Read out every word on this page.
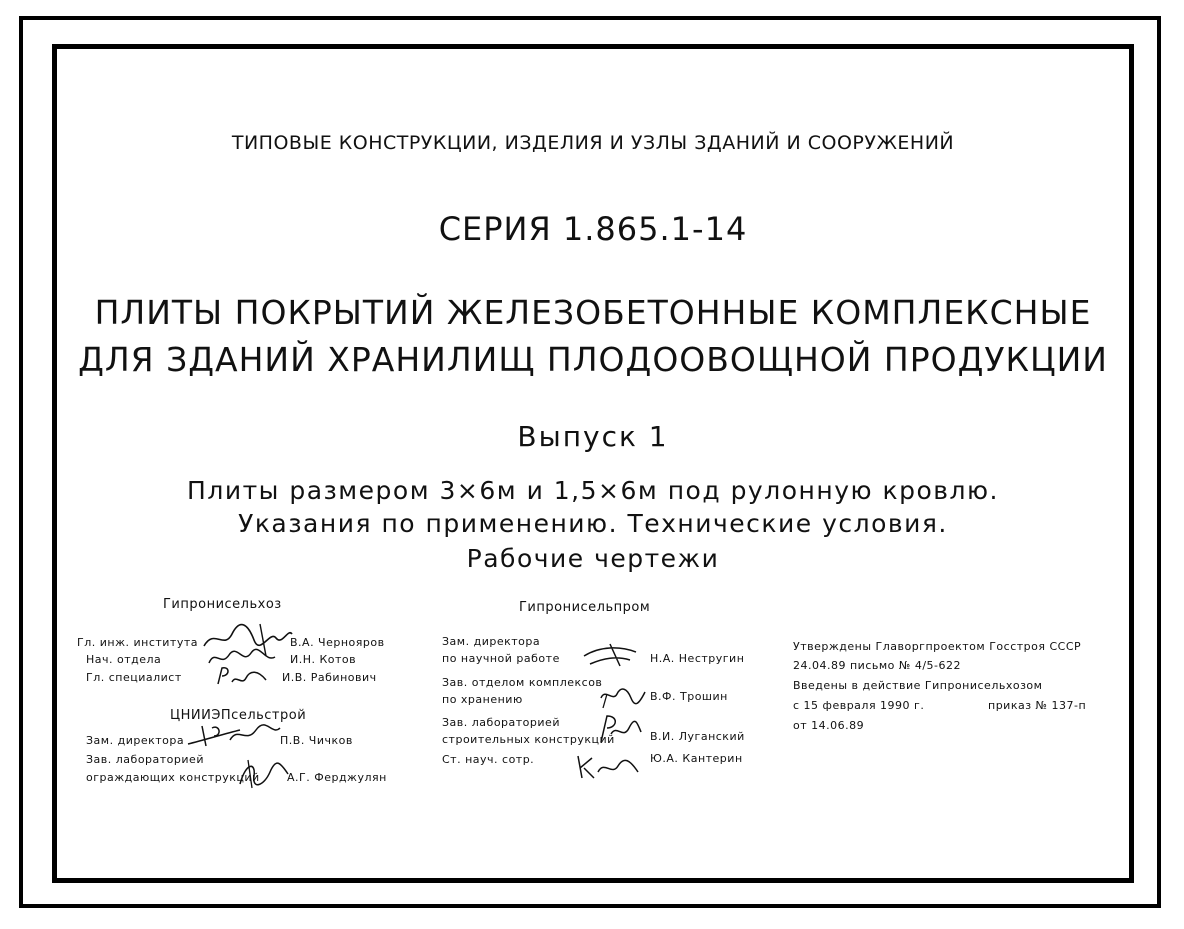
ТИПОВЫЕ КОНСТРУКЦИИ, ИЗДЕЛИЯ И УЗЛЫ ЗДАНИЙ И СООРУЖЕНИЙ
СЕРИЯ 1.865.1-14
ПЛИТЫ ПОКРЫТИЙ ЖЕЛЕЗОБЕТОННЫЕ КОМПЛЕКСНЫЕ
ДЛЯ ЗДАНИЙ ХРАНИЛИЩ ПЛОДООВОЩНОЙ ПРОДУКЦИИ
Выпуск 1
Плиты размером 3×6м и 1,5×6м под рулонную кровлю.
Указания по применению. Технические условия.
Рабочие чертежи
Гипронисельхоз
Гл. инж. института	В.А. Чернояров
Нач. отдела	И.Н. Котов
Гл. специалист	И.В. Рабинович
ЦНИИЭПсельстрой
Зам. директора	П.В. Чичков
Зав. лабораторией
ограждающих конструкций А.Г. Ферджулян
Гипронисельпром
Зам. директора
по научной работе	Н.А. Нестругин
Зав. отделом комплексов
по хранению	В.Ф. Трошин
Зав. лабораторией
строительных конструкций	В.И. Луганский
Ст. науч. сотр.	Ю.А. Кантерин
Утверждены Главоргпроектом Госстроя СССР
24.04.89 письмо № 4/5-622
Введены в действие Гипронисельхозом
с 15 февраля 1990 г.	приказ № 137-п
от 14.06.89
